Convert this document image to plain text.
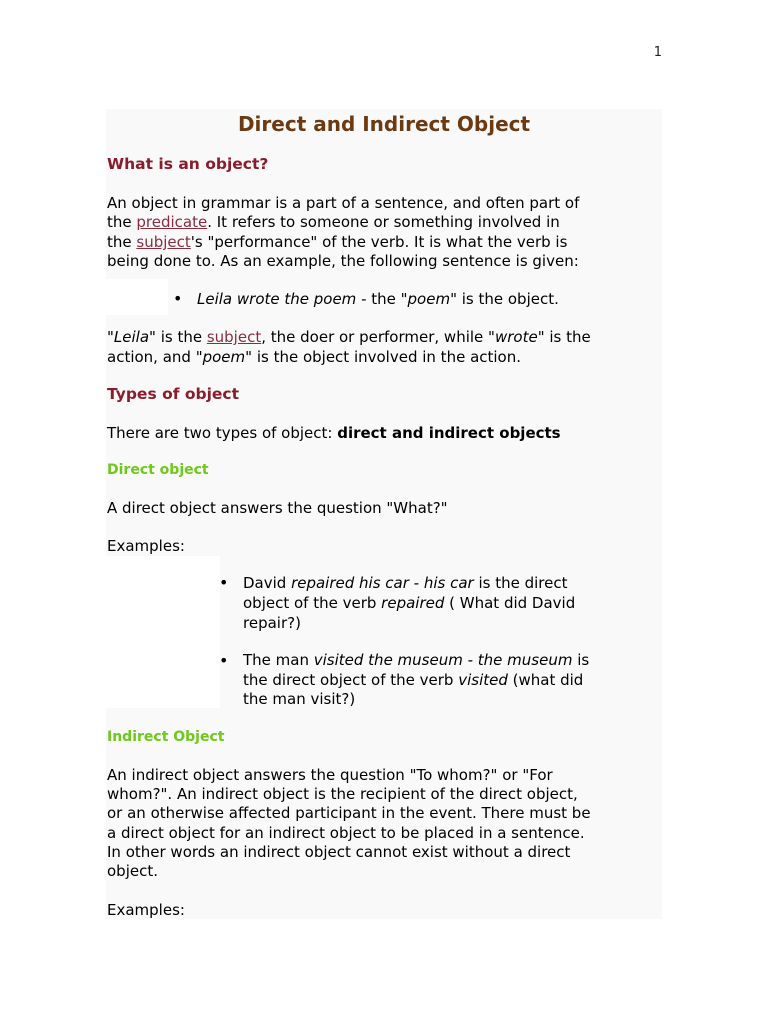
1
Direct and Indirect Object
What is an object?
An object in grammar is a part of a sentence, and often part of
the predicate. It refers to someone or something involved in
the subject's "performance" of the verb. It is what the verb is
being done to. As an example, the following sentence is given:
• Leila wrote the poem - the "poem" is the object.
"Leila" is the subject, the doer or performer, while "wrote" is the
action, and "poem" is the object involved in the action.
Types of object
There are two types of object: direct and indirect objects
Direct object
A direct object answers the question "What?"
Examples:
• David repaired his car - his car is the direct
object of the verb repaired ( What did David
repair?)
• The man visited the museum - the museum is
the direct object of the verb visited (what did
the man visit?)
Indirect Object
An indirect object answers the question "To whom?" or "For
whom?". An indirect object is the recipient of the direct object,
or an otherwise affected participant in the event. There must be
a direct object for an indirect object to be placed in a sentence.
In other words an indirect object cannot exist without a direct
object.
Examples:
